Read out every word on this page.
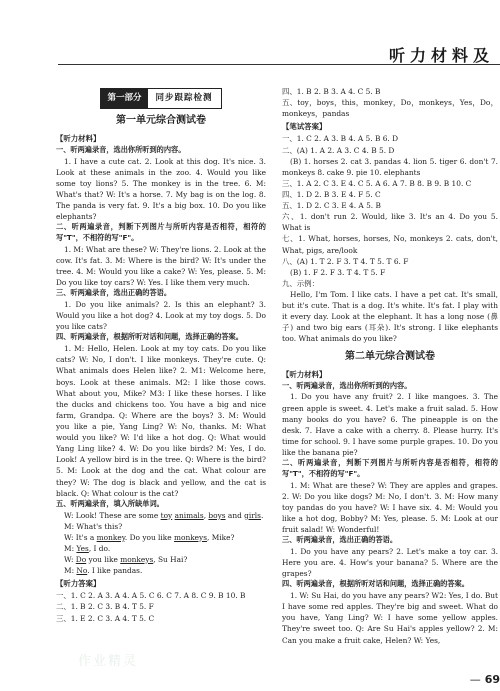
听力材料及
第一部分	同步跟踪检测
第一单元综合测试卷
【听力材料】

一、听两遍录音，选出你所听到的内容。

1. I have a cute cat. 2. Look at this dog. It's nice. 3. Look at these animals in the zoo. 4. Would you like some toy lions? 5. The monkey is in the tree. 6. M: What's that? W: It's a horse. 7. My bag is on the log. 8. The panda is very fat. 9. It's a big box. 10. Do you like elephants?

二、听两遍录音，判断下列图片与所听内容是否相符，相符的写"T"，不相符的写"F"。

1. M: What are these? W: They're lions. 2. Look at the cow. It's fat. 3. M: Where is the bird? W: It's under the tree. 4. M: Would you like a cake? W: Yes, please. 5. M: Do you like toy cars? W: Yes. I like them very much.

三、听两遍录音，选出正确的答语。

1. Do you like animals? 2. Is this an elephant? 3. Would you like a hot dog? 4. Look at my toy dogs. 5. Do you like cats?

四、听两遍录音，根据所听对话和问题，选择正确的答案。

1. M: Hello, Helen. Look at my toy cats. Do you like cats? W: No, I don't. I like monkeys. They're cute. Q: What animals does Helen like? 2. M1: Welcome here, boys. Look at these animals. M2: I like those cows. What about you, Mike? M3: I like these horses. I like the ducks and chickens too. You have a big and nice farm, Grandpa. Q: Where are the boys? 3. M: Would you like a pie, Yang Ling? W: No, thanks. M: What would you like? W: I'd like a hot dog. Q: What would Yang Ling like? 4. W: Do you like birds? M: Yes, I do. Look! A yellow bird is in the tree. Q: Where is the bird? 5. M: Look at the dog and the cat. What colour are they? W: The dog is black and yellow, and the cat is black. Q: What colour is the cat?

五、听两遍录音，填入所缺单词。

W: Look! These are some toy animals, boys and girls.

M: What's this?

W: It's a monkey. Do you like monkeys, Mike?

M: Yes, I do.

W: Do you like monkeys, Su Hai?

M: No. I like pandas.

【听力答案】

一、1. C 2. A 3. A 4. A 5. C 6. C 7. A 8. C 9. B 10. B

二、1. B 2. C 3. B 4. T 5. F

三、1. E 2. C 3. A 4. T 5. C

四、1. B 2. B 3. A 4. C 5. B

五、toy，boys，this，monkey，Do，monkeys，Yes，Do，monkeys，pandas

【笔试答案】

一、1. C 2. A 3. B 4. A 5. B 6. D

二、(A) 1. A 2. A 3. C 4. B 5. D

(B) 1. horses 2. cat 3. pandas 4. lion 5. tiger 6. don't 7. monkeys 8. cake 9. pie 10. elephants

三、1. A 2. C 3. E 4. C 5. A 6. A 7. B 8. B 9. B 10. C

四、1. D 2. B 3. E 4. F 5. C

五、1. D 2. C 3. E 4. A 5. B

六、1. don't run 2. Would, like 3. It's an 4. Do you 5. What is

七、1. What, horses, horses, No, monkeys 2. cats, don't, What, pigs, are/look

八、(A) 1. T 2. F 3. T 4. T 5. T 6. F

(B) 1. F 2. F 3. T 4. T 5. F

九、示例：

Hello, I'm Tom. I like cats. I have a pet cat. It's small, but it's cute. That is a dog. It's white. It's fat. I play with it every day. Look at the elephant. It has a long nose (鼻子) and two big ears (耳朵). It's strong. I like elephants too. What animals do you like?

第二单元综合测试卷
【听力材料】

一、听两遍录音，选出你所听到的内容。

1. Do you have any fruit? 2. I like mangoes. 3. The green apple is sweet. 4. Let's make a fruit salad. 5. How many books do you have? 6. The pineapple is on the desk. 7. Have a cake with a cherry. 8. Please hurry. It's time for school. 9. I have some purple grapes. 10. Do you like the banana pie?

二、听两遍录音，判断下列图片与所听内容是否相符，相符的写"T"，不相符的写"F"。

1. M: What are these? W: They are apples and grapes. 2. W: Do you like dogs? M: No, I don't. 3. M: How many toy pandas do you have? W: I have six. 4. M: Would you like a hot dog, Bobby? M: Yes, please. 5. M: Look at our fruit salad! W: Wonderful!

三、听两遍录音，选出正确的答语。

1. Do you have any pears? 2. Let's make a toy car. 3. Here you are. 4. How's your banana? 5. Where are the grapes?

四、听两遍录音，根据所听对话和问题，选择正确的答案。

1. W: Su Hai, do you have any pears? W2: Yes, I do. But I have some red apples. They're big and sweet. What do you have, Yang Ling? W: I have some yellow apples. They're sweet too. Q: Are Su Hai's apples yellow? 2. M: Can you make a fruit cake, Helen? W: Yes,

作业精灵
— 69
